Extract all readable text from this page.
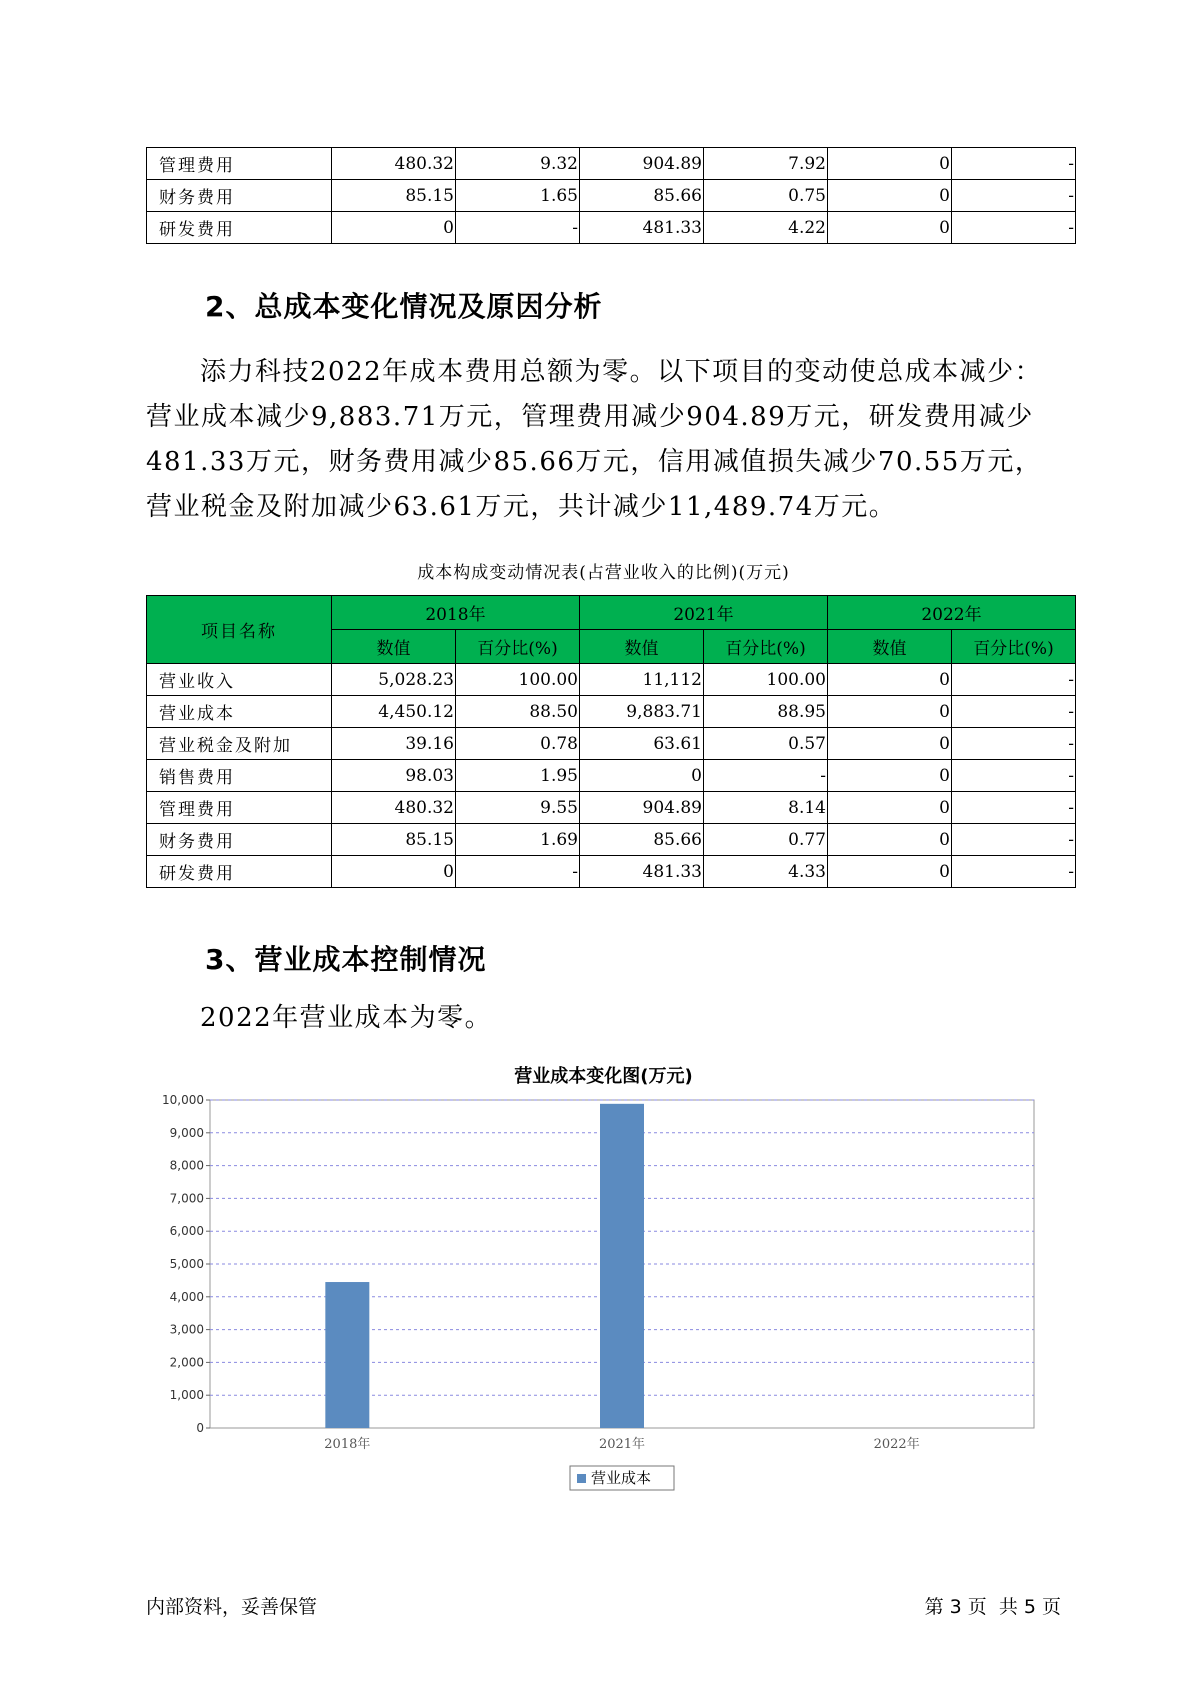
管理费用	480.32	9.32	904.89	7.92	0	-
财务费用	85.15	1.65	85.66	0.75	0	-
研发费用	0	-	481.33	4.22	0	-
2、总成本变化情况及原因分析

添力科技2022年成本费用总额为零。以下项目的变动使总成本减少：营业成本减少9,883.71万元，管理费用减少904.89万元，研发费用减少481.33万元，财务费用减少85.66万元，信用减值损失减少70.55万元，营业税金及附加减少63.61万元，共计减少11,489.74万元。

成本构成变动情况表(占营业收入的比例)(万元)
项目名称	2018年		2021年		2022年	
	数值	百分比(%)	数值	百分比(%)	数值	百分比(%)
营业收入	5,028.23	100.00	11,112	100.00	0	-
营业成本	4,450.12	88.50	9,883.71	88.95	0	-
营业税金及附加	39.16	0.78	63.61	0.57	0	-
销售费用	98.03	1.95	0	-	0	-
管理费用	480.32	9.55	904.89	8.14	0	-
财务费用	85.15	1.69	85.66	0.77	0	-
研发费用	0	-	481.33	4.33	0	-
3、营业成本控制情况

2022年营业成本为零。

营业成本变化图(万元)
0
1,000
2,000
3,000
4,000
5,000
6,000
7,000
8,000
9,000
10,000
2018年	2021年	2022年
营业成本
内部资料，妥善保管	第 3 页  共 5 页
